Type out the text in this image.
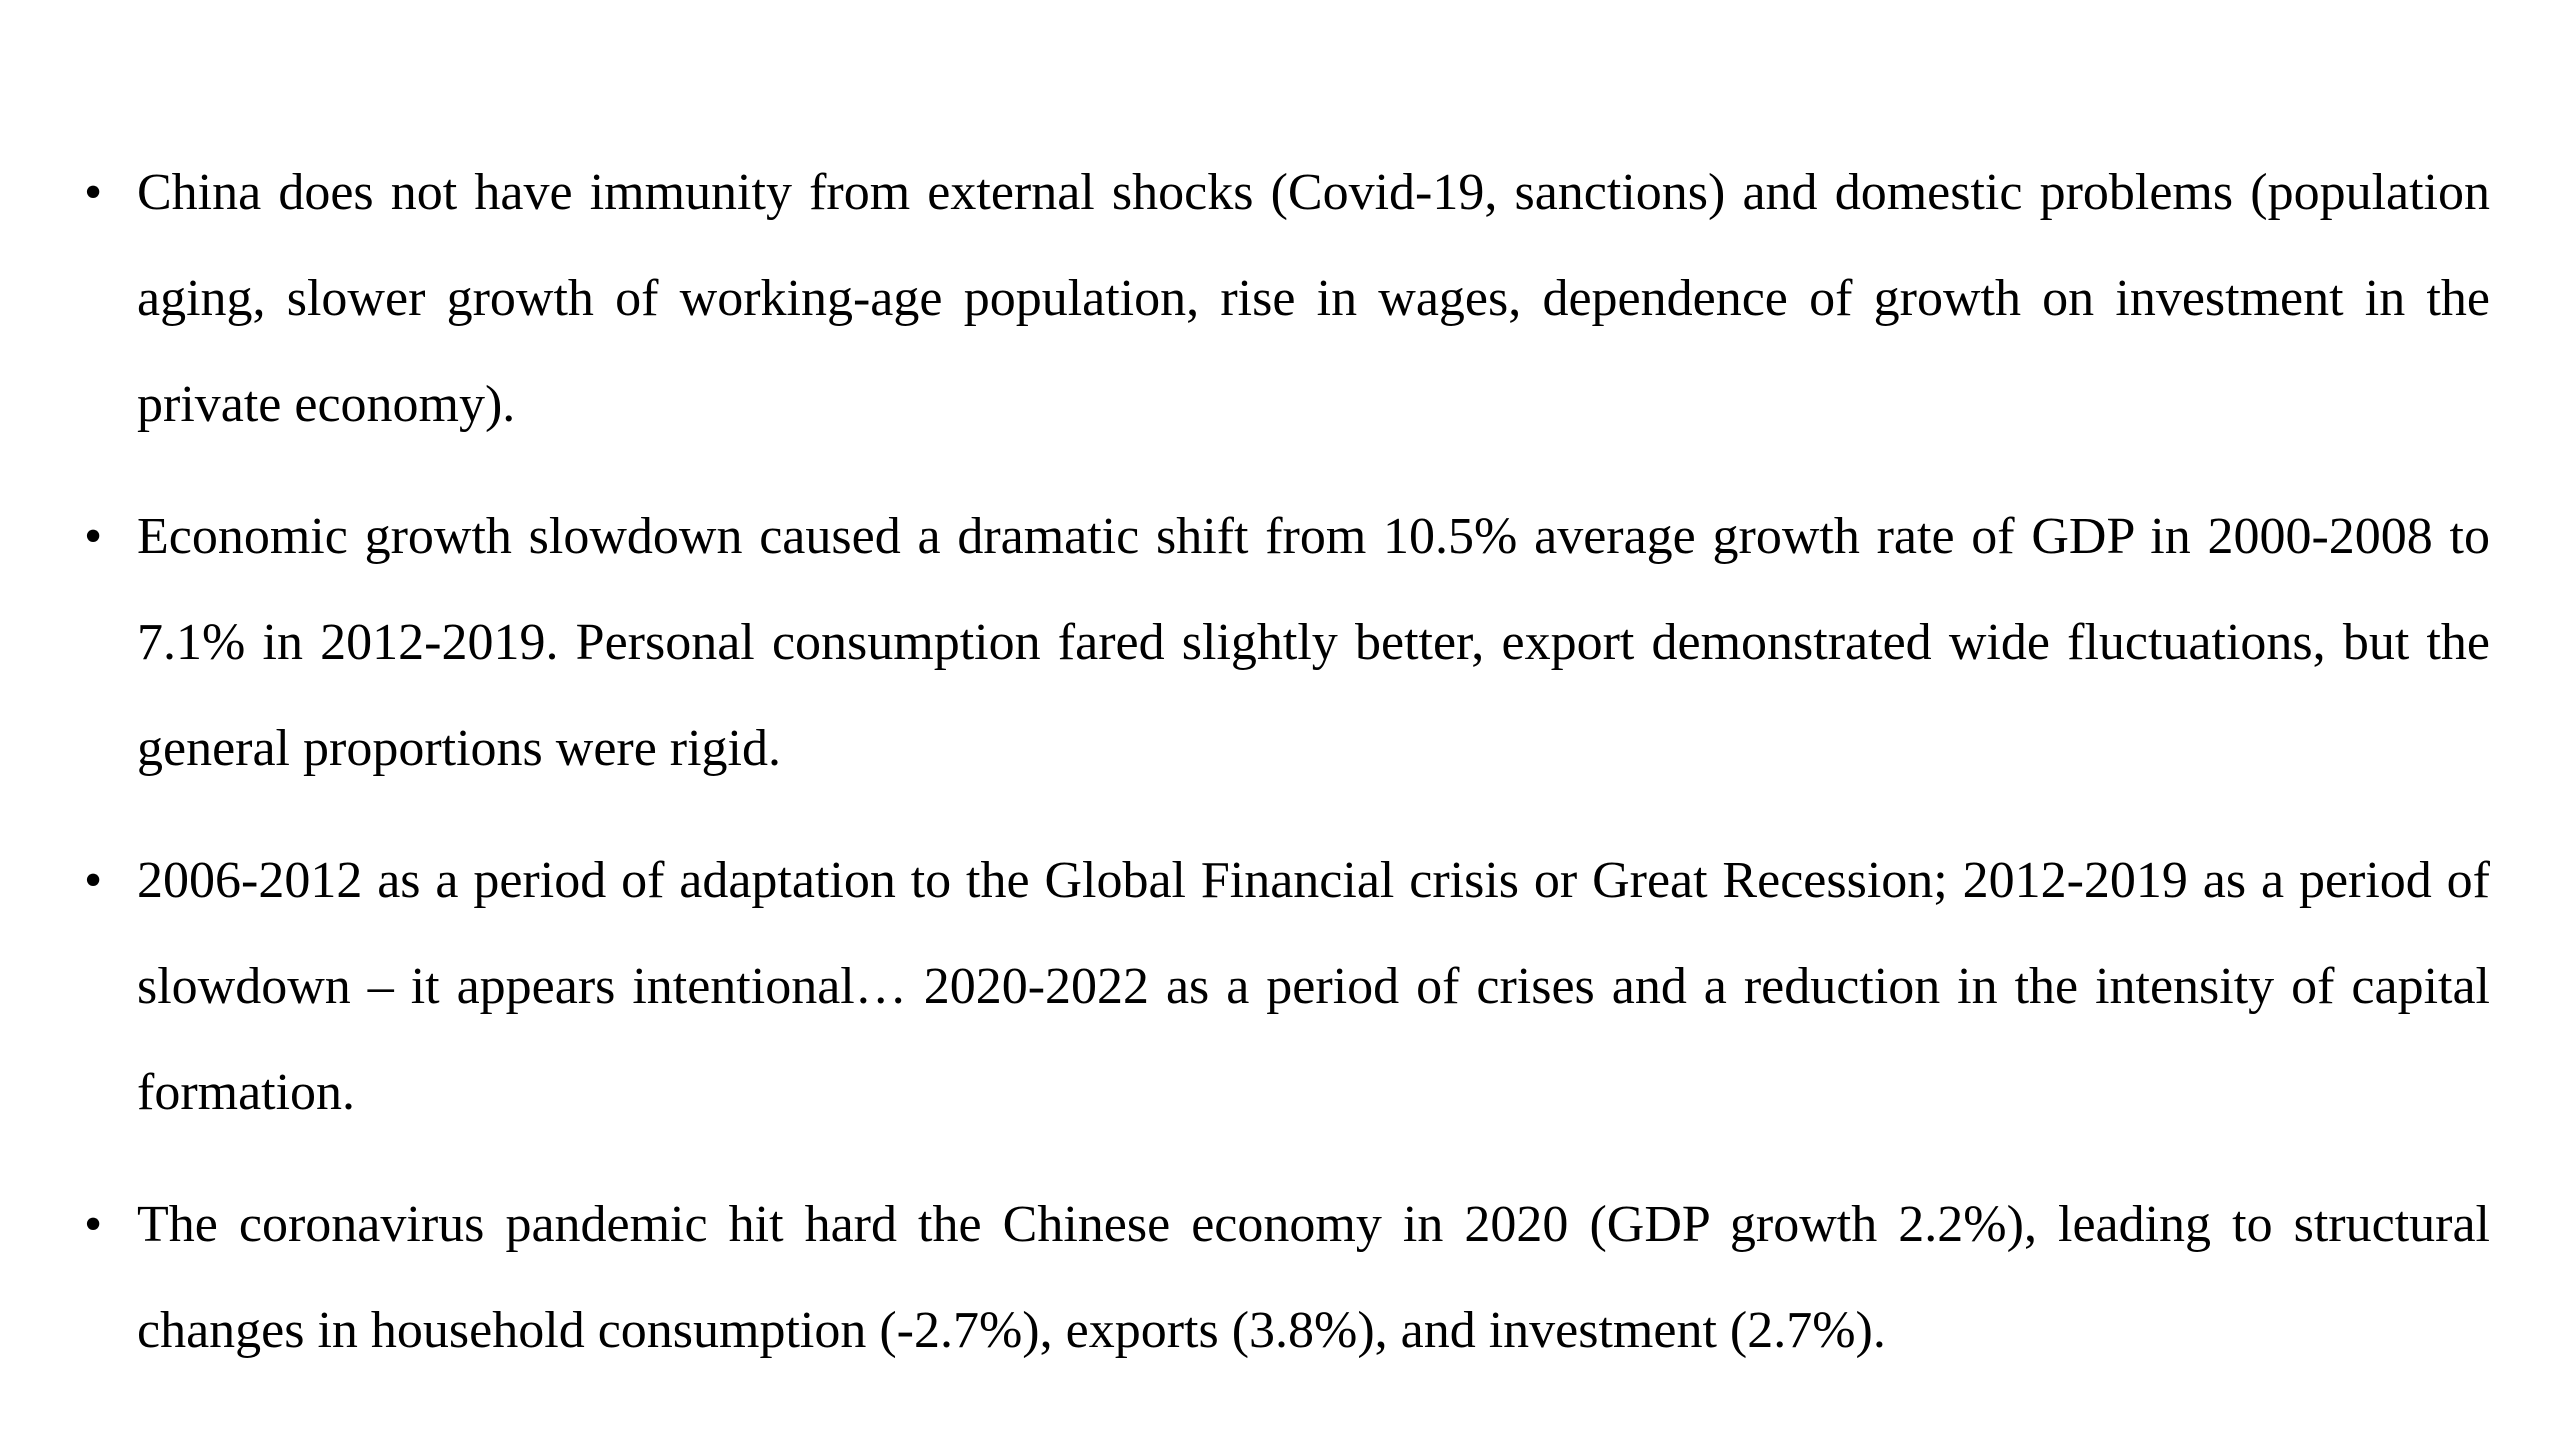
• China does not have immunity from external shocks (Covid-19, sanctions) and domestic problems (population aging, slower growth of working-age population, rise in wages, dependence of growth on investment in the private economy).
• Economic growth slowdown caused a dramatic shift from 10.5% average growth rate of GDP in 2000-2008 to 7.1% in 2012-2019. Personal consumption fared slightly better, export demonstrated wide fluctuations, but the general proportions were rigid.
• 2006-2012 as a period of adaptation to the Global Financial crisis or Great Recession; 2012-2019 as a period of slowdown – it appears intentional… 2020-2022 as a period of crises and a reduction in the intensity of capital formation.
• The coronavirus pandemic hit hard the Chinese economy in 2020 (GDP growth 2.2%), leading to structural changes in household consumption (-2.7%), exports (3.8%), and investment (2.7%).
